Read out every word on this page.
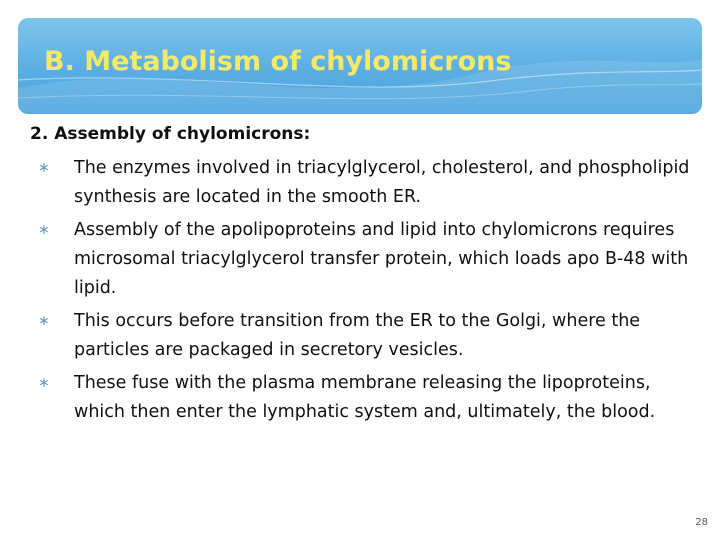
B. Metabolism of chylomicrons
2. Assembly of chylomicrons:
∗ The enzymes involved in triacylglycerol, cholesterol, and phospholipid synthesis are located in the smooth ER.
∗ Assembly of the apolipoproteins and lipid into chylomicrons requires microsomal triacylglycerol transfer protein, which loads apo B-48 with lipid.
∗ This occurs before transition from the ER to the Golgi, where the particles are packaged in secretory vesicles.
∗ These fuse with the plasma membrane releasing the lipoproteins, which then enter the lymphatic system and, ultimately, the blood.
28
